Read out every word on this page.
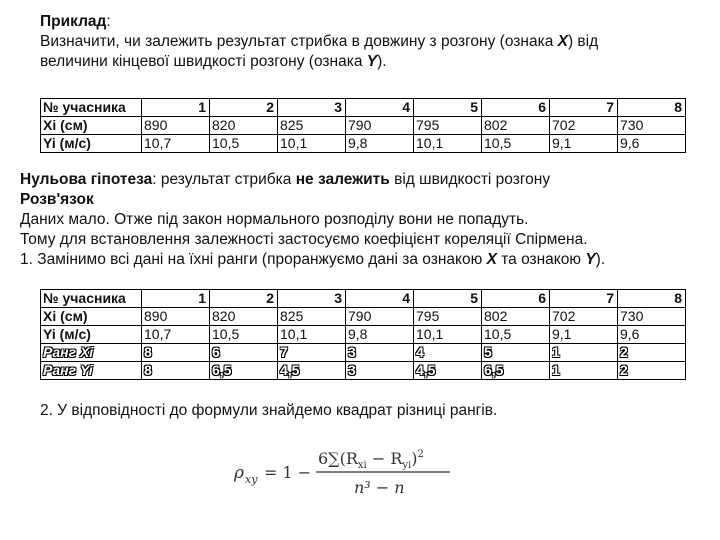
Приклад:
Визначити, чи залежить результат стрибка в довжину з розгону (ознака X) від
величини кінцевої швидкості розгону (ознака Y).
№ учасника	1	2	3	4	5	6	7	8
Xi (см)	890	820	825	790	795	802	702	730
Yi (м/с)	10,7	10,5	10,1	9,8	10,1	10,5	9,1	9,6
Нульова гіпотеза: результат стрибка не залежить від швидкості розгону
Розв'язок
Даних мало. Отже під закон нормального розподілу вони не попадуть.
Тому для встановлення залежності застосуємо коефіцієнт кореляції Спірмена.
1. Замінимо всі дані на їхні ранги (проранжуємо дані за ознакою X та ознакою Y).
№ учасника	1	2	3	4	5	6	7	8
Xi (см)	890	820	825	790	795	802	702	730
Yi (м/с)	10,7	10,5	10,1	9,8	10,1	10,5	9,1	9,6
Ранг Xi	8	6	7	3	4	5	1	2
Ранг Yi	8	6,5	4,5	3	4,5	6,5	1	2
2. У відповідності до формули знайдемо квадрат різниці рангів.
ρ xy = 1 −
$6\sum(R_{xi} - R_{yi})^2$
n³ − n
